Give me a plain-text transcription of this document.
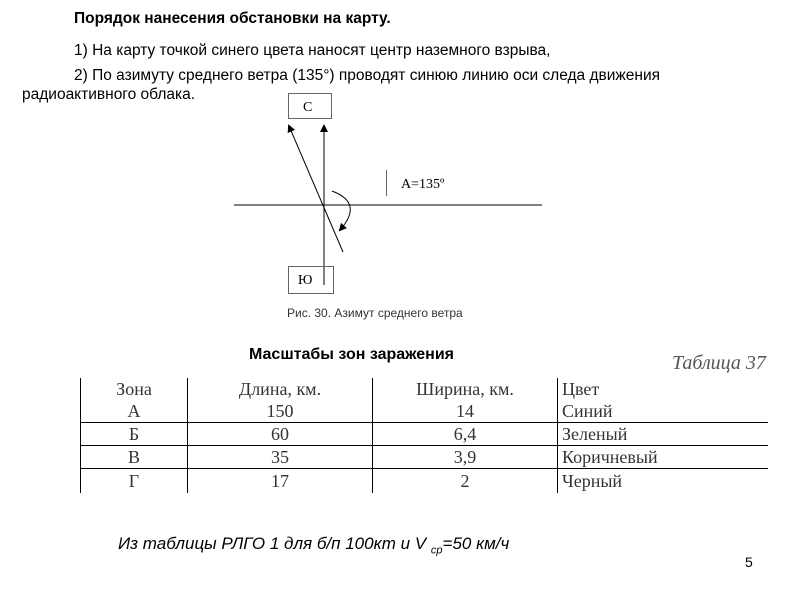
Порядок нанесения обстановки на карту.
1) На карту точкой синего цвета наносят центр наземного взрыва,
2) По азимуту среднего ветра (135°) проводят синюю линию оси следа движения
радиоактивного облака.
С
Ю
А=135º
Рис. 30. Азимут среднего ветра
Масштабы зон заражения	Таблица 37
Зона	Длина, км.	Ширина, км.	Цвет
А	150	14	Синий
Б	60	6,4	Зеленый
В	35	3,9	Коричневый
Г	17	2	Черный
Из таблицы РЛГО 1 для б/п 100кт и V $_{ср}$=50 км/ч
5
